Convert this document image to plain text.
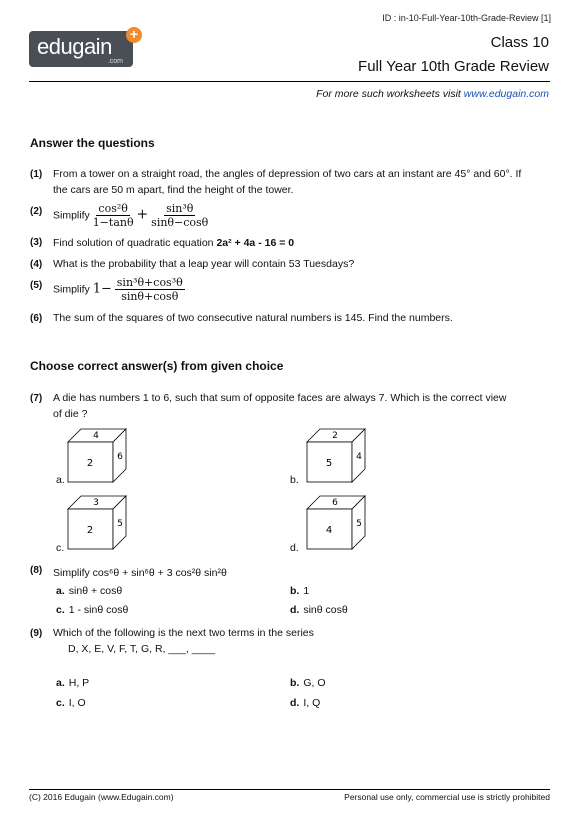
ID : in-10-Full-Year-10th-Grade-Review [1]
edugain
.com
+	Class 10
Full Year 10th Grade Review
For more such worksheets visit www.edugain.com
Answer the questions
(1) From a tower on a straight road, the angles of depression of two cars at an instant are 45° and 60°. If the cars are 50 m apart, find the height of the tower.
(2) Simplify $\frac{\text{cos²θ}}{1-\tan\theta} + \frac{\text{sin³θ}}{\sin\theta-\cos\theta}$
(3) Find solution of quadratic equation 2a² + 4a - 16 = 0
(4) What is the probability that a leap year will contain 53 Tuesdays?
(5) Simplify $1- \frac{\text{sin³θ+cos³θ}}{\sin\theta+\cos\theta}$
(6) The sum of the squares of two consecutive natural numbers is 145. Find the numbers.
Choose correct answer(s) from given choice
(7) A die has numbers 1 to 6, such that sum of opposite faces are always 7. Which is the correct view of die ?
a.	b.
c.	d.
4
2
6
2
5
4
3
2
5
6
4
5
(8) Simplify cos⁶θ + sin⁶θ + 3 cos²θ sin²θ
a. sinθ + cosθ	b. 1
c. 1 - sinθ cosθ	d. sinθ cosθ
(9) Which of the following is the next two terms in the series
D, X, E, V, F, T, G, R, ___, ____
a. H, P	b. G, O
c. I, O	d. I, Q
(C) 2016 Edugain (www.Edugain.com)	Personal use only, commercial use is strictly prohibited
